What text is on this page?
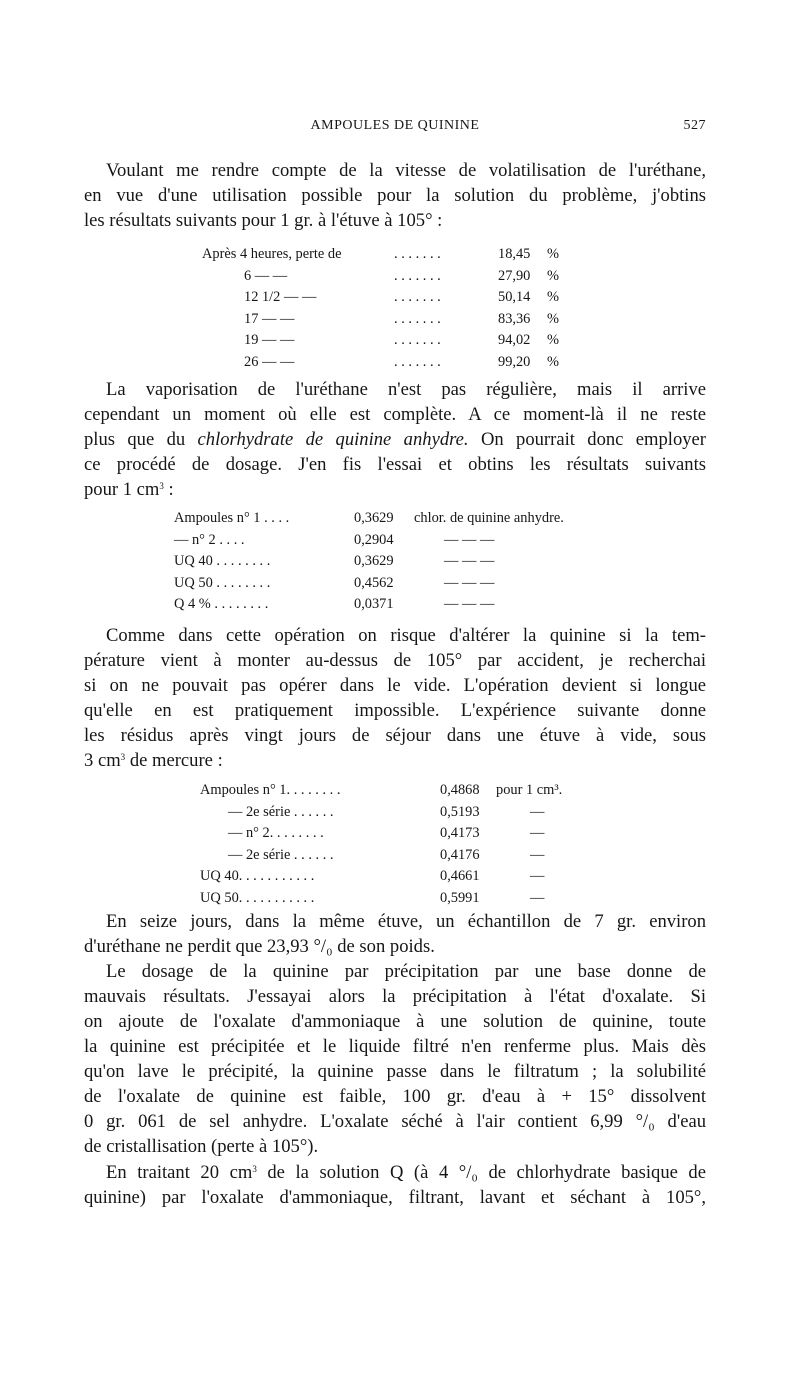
AMPOULES DE QUININE	527
Voulant me rendre compte de la vitesse de volatilisation de l'uréthane,
en vue d'une utilisation possible pour la solution du problème, j'obtins
les résultats suivants pour 1 gr. à l'étuve à 105° :
Après 4 heures, perte de	. . . . . . .	18,45 %
6 — —	. . . . . . .	27,90 %
12 1/2 — —	. . . . . . .	50,14 %
17 — —	. . . . . . .	83,36 %
19 — —	. . . . . . .	94,02 %
26 — —	. . . . . . .	99,20 %
La vaporisation de l'uréthane n'est pas régulière, mais il arrive
cependant un moment où elle est complète. A ce moment-là il ne reste
plus que du chlorhydrate de quinine anhydre. On pourrait donc employer
ce procédé de dosage. J'en fis l'essai et obtins les résultats suivants
pour 1 $cm^3$ :
Ampoules n° 1 . . . .	0,3629 chlor. de quinine anhydre.
— n° 2 . . . .	0,2904	— — —
UQ 40 . . . . . . . .	0,3629	— — —
UQ 50 . . . . . . . .	0,4562	— — —
Q 4 % . . . . . . . .	0,0371	— — —
Comme dans cette opération on risque d'altérer la quinine si la tem-
pérature vient à monter au-dessus de 105° par accident, je recherchai
si on ne pouvait pas opérer dans le vide. L'opération devient si longue
qu'elle en est pratiquement impossible. L'expérience suivante donne
les résidus après vingt jours de séjour dans une étuve à vide, sous
3 $cm^3$ de mercure :
Ampoules n° 1. . . . . . . .	0,4868 pour 1 cm³.
— 2e série . . . . . .	0,5193	—
— n° 2. . . . . . . .	0,4173	—
— 2e série . . . . . .	0,4176	—
UQ 40. . . . . . . . . . .	0,4661	—
UQ 50. . . . . . . . . . .	0,5991	—
En seize jours, dans la même étuve, un échantillon de 7 gr. environ
d'uréthane ne perdit que 23,93 °/₀ de son poids.
Le dosage de la quinine par précipitation par une base donne de
mauvais résultats. J'essayai alors la précipitation à l'état d'oxalate. Si
on ajoute de l'oxalate d'ammoniaque à une solution de quinine, toute
la quinine est précipitée et le liquide filtré n'en renferme plus. Mais dès
qu'on lave le précipité, la quinine passe dans le filtratum ; la solubilité
de l'oxalate de quinine est faible, 100 gr. d'eau à + 15° dissolvent
0 gr. 061 de sel anhydre. L'oxalate séché à l'air contient 6,99 °/₀ d'eau
de cristallisation (perte à 105°).
En traitant 20 $cm^3$ de la solution Q (à 4 °/₀ de chlorhydrate basique de
quinine) par l'oxalate d'ammoniaque, filtrant, lavant et séchant à 105°,
